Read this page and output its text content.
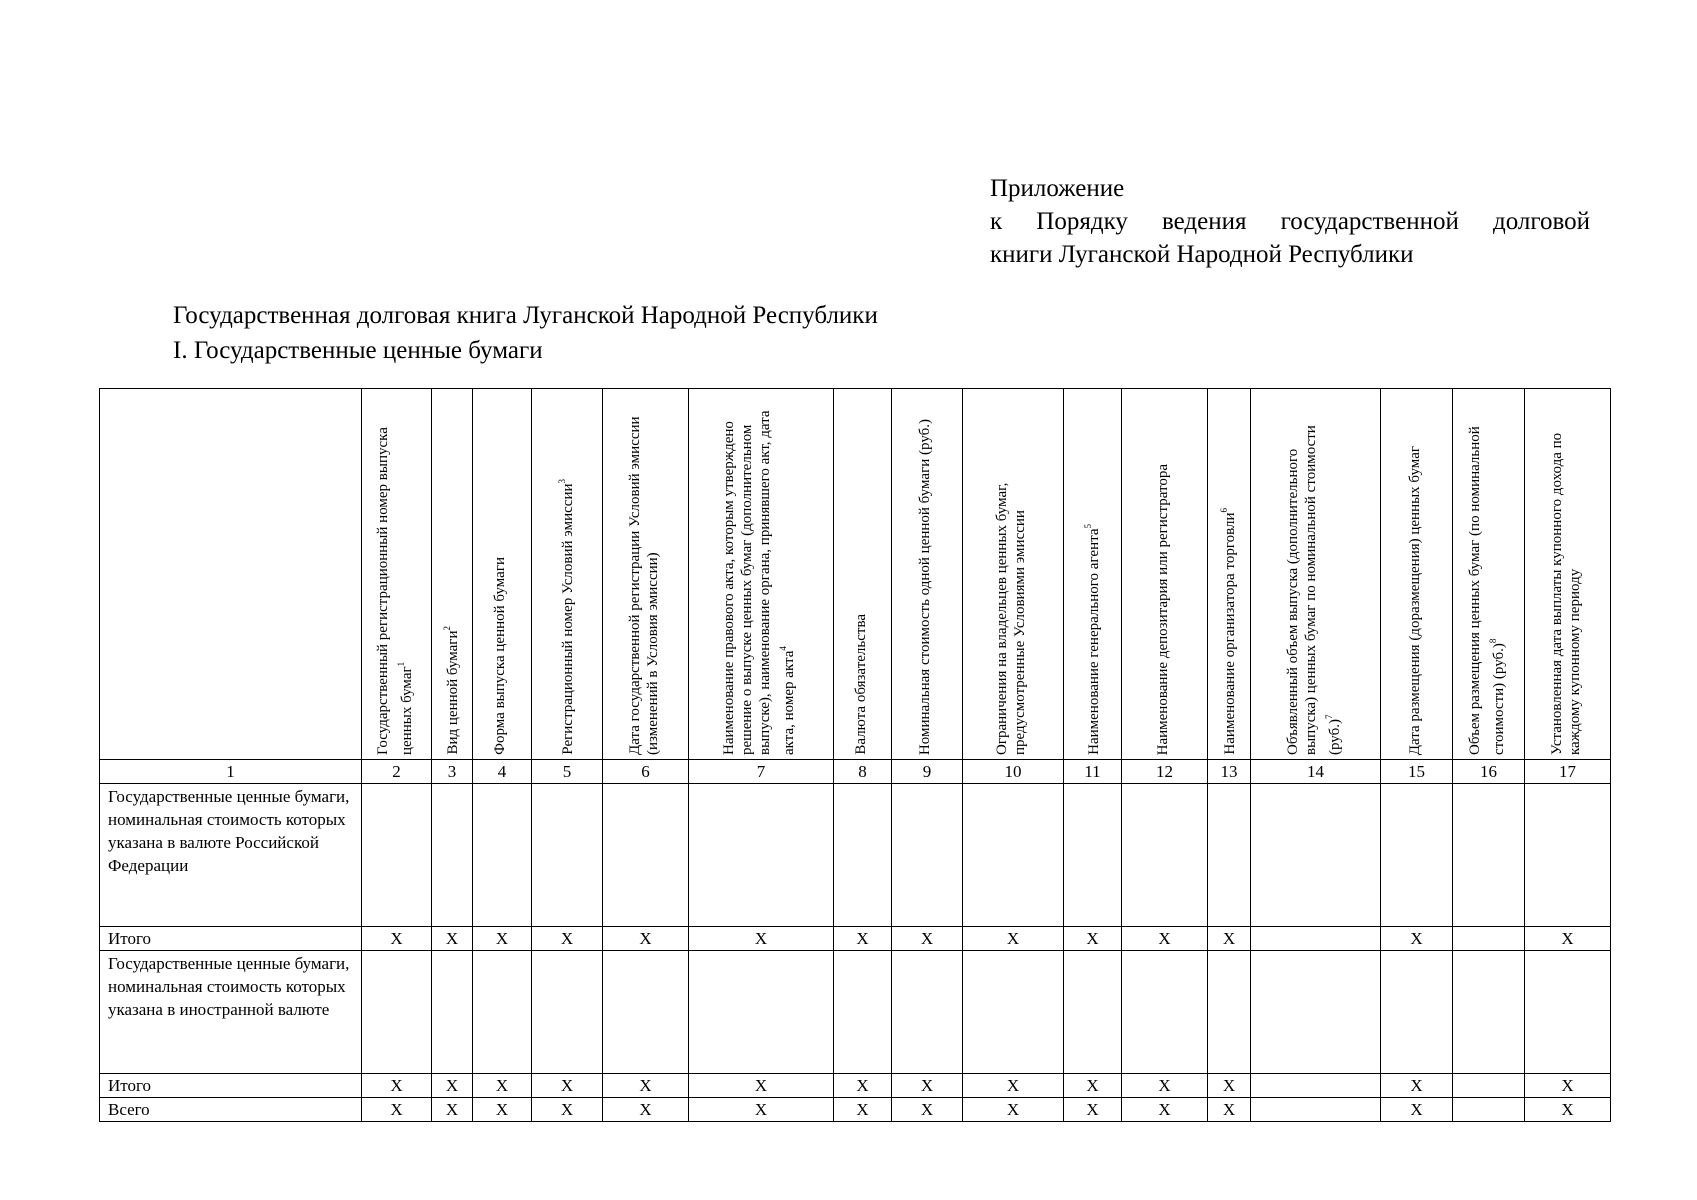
Приложение
к Порядку ведения государственной долговой
книги Луганской Народной Республики
Государственная долговая книга Луганской Народной Республики
I. Государственные ценные бумаги

	Государственный регистрационный номер выпуска ценных бумаг$^1$	Вид ценной бумаги$^2$	Форма выпуска ценной бумаги	Регистрационный номер Условий эмиссии$^3$	Дата государственной регистрации Условий эмиссии (изменений в Условия эмиссии)	Наименование правового акта, которым утверждено решение о выпуске ценных бумаг (дополнительном выпуске), наименование органа, принявшего акт, дата акта, номер акта$^4$	Валюта обязательства	Номинальная стоимость одной ценной бумаги (руб.)	Ограничения на владельцев ценных бумаг, предусмотренные Условиями эмиссии	Наименование генерального агента$^5$	Наименование депозитария или регистратора	Наименование организатора торговли$^6$	Объявленный объем выпуска (дополнительного выпуска) ценных бумаг по номинальной стоимости $(руб.)^7$	Дата размещения (доразмещения) ценных бумаг	Объем размещения ценных бумаг (по номинальной стоимости) $(руб.)^8$	Установленная дата выплаты купонного дохода по каждому купонному периоду

1	2	3	4	5	6	7	8	9	10	11	12	13	14	15	16	17
Государственные ценные бумаги, номинальная стоимость которых указана в валюте Российской Федерации																
Итого	X	X	X	X	X	X	X	X	X	X	X	X		X		X
Государственные ценные бумаги, номинальная стоимость которых указана в иностранной валюте																
Итого	X	X	X	X	X	X	X	X	X	X	X	X		X		X
Всего	X	X	X	X	X	X	X	X	X	X	X	X		X		X
